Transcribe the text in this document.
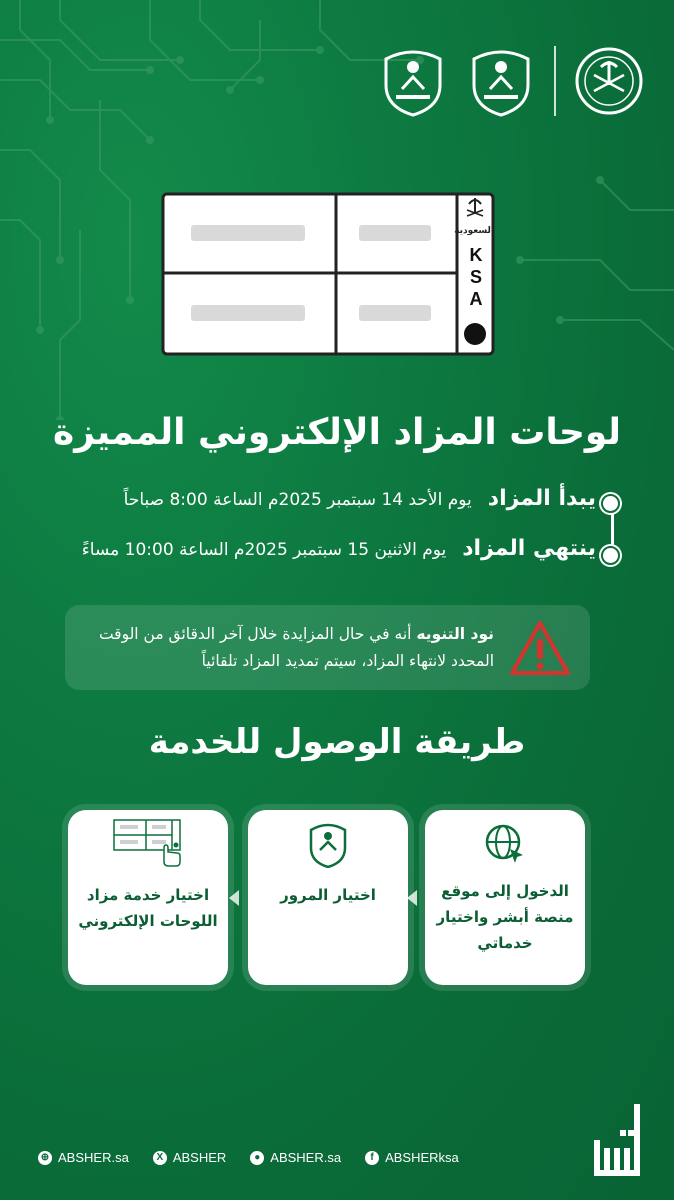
السعودية
KSA
لوحات المزاد الإلكتروني المميزة
يبدأ المزاد
يوم الأحد 14 سبتمبر 2025م الساعة 8:00 صباحاً
ينتهي المزاد
يوم الاثنين 15 سبتمبر 2025م الساعة 10:00 مساءً
نود التنويه أنه في حال المزايدة خلال آخر الدقائق من الوقت المحدد لانتهاء المزاد، سيتم تمديد المزاد تلقائياً
طريقة الوصول للخدمة
الدخول إلى موقع منصة أبشر واختيار خدماتي
اختيار المرور
اختيار خدمة مزاد اللوحات الإلكتروني
⊕ ABSHER.sa	X ABSHER	● ABSHER.sa	f ABSHERksa
